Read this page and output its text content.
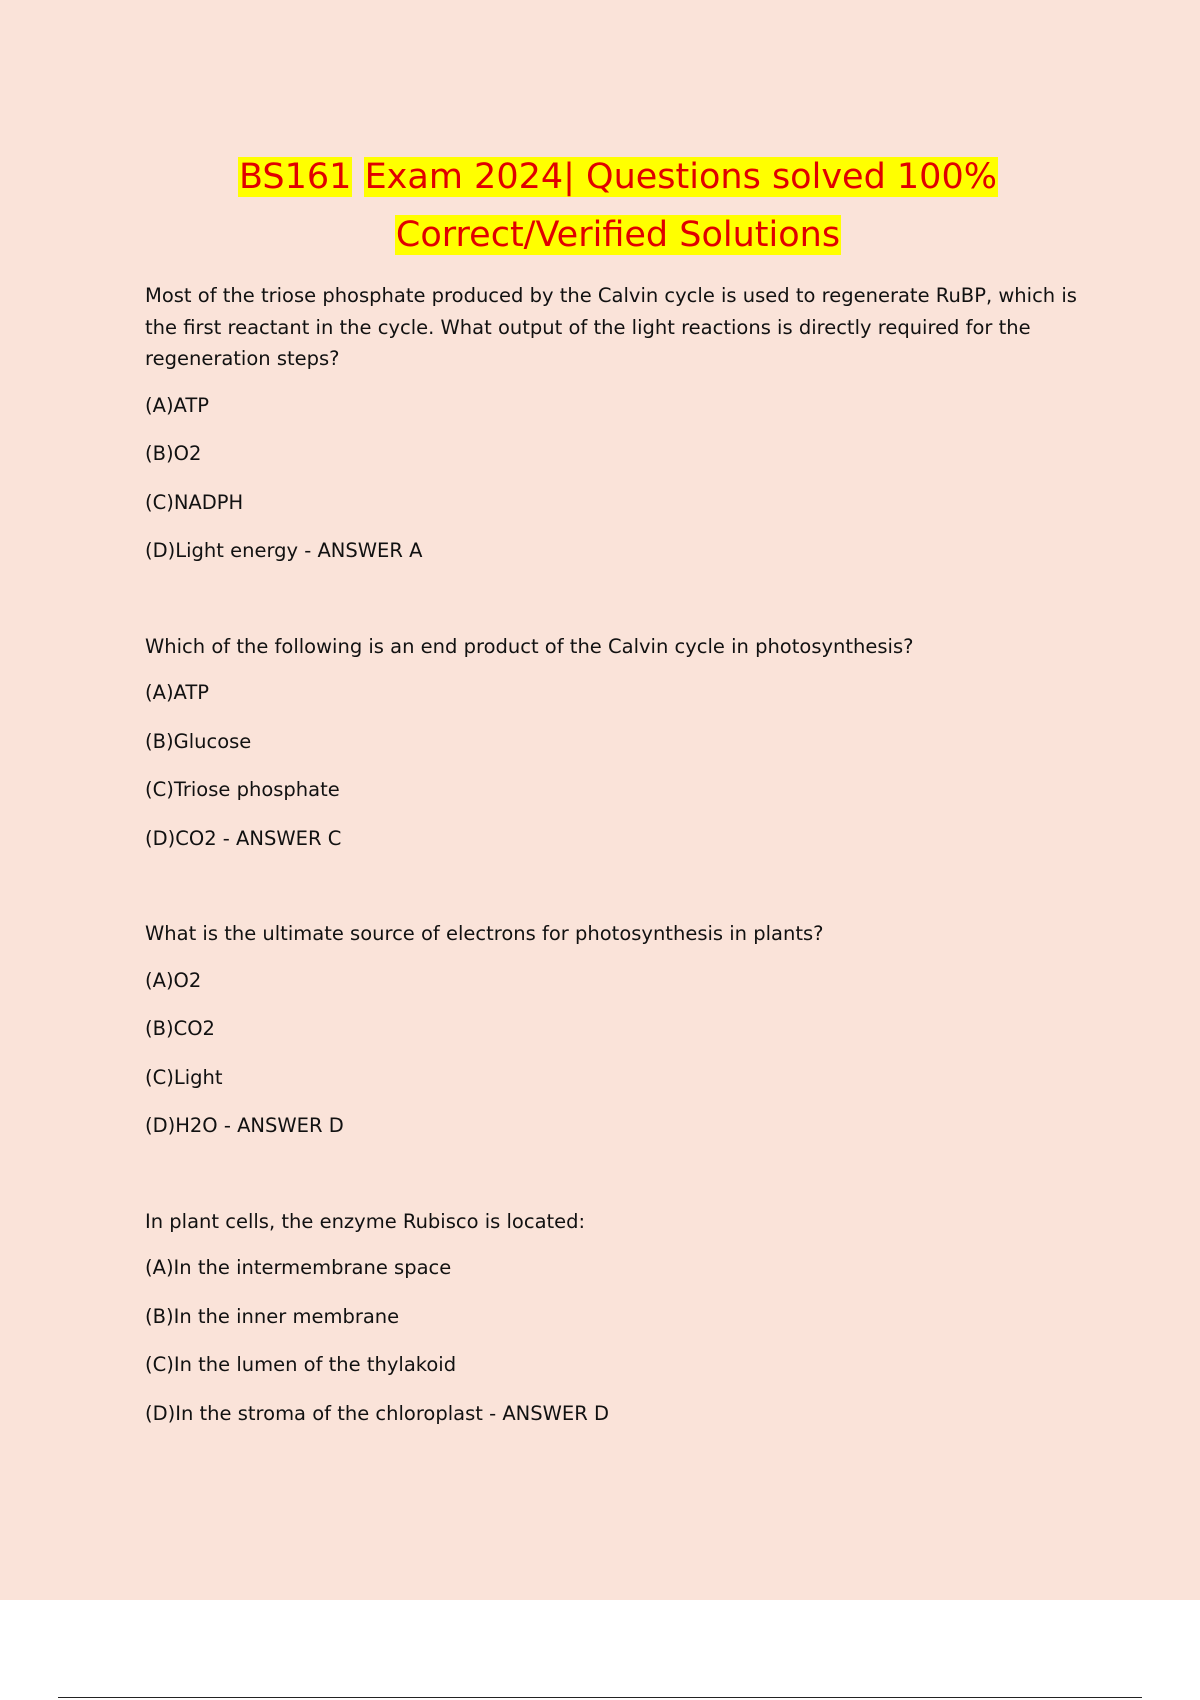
BS161 Exam 2024| Questions solved 100%
Correct/Verified Solutions
Most of the triose phosphate produced by the Calvin cycle is used to regenerate RuBP, which is the first reactant in the cycle. What output of the light reactions is directly required for the regeneration steps?
(A)ATP
(B)O2
(C)NADPH
(D)Light energy - ANSWER A
Which of the following is an end product of the Calvin cycle in photosynthesis?
(A)ATP
(B)Glucose
(C)Triose phosphate
(D)CO2 - ANSWER C
What is the ultimate source of electrons for photosynthesis in plants?
(A)O2
(B)CO2
(C)Light
(D)H2O - ANSWER D
In plant cells, the enzyme Rubisco is located:
(A)In the intermembrane space
(B)In the inner membrane
(C)In the lumen of the thylakoid
(D)In the stroma of the chloroplast - ANSWER D
